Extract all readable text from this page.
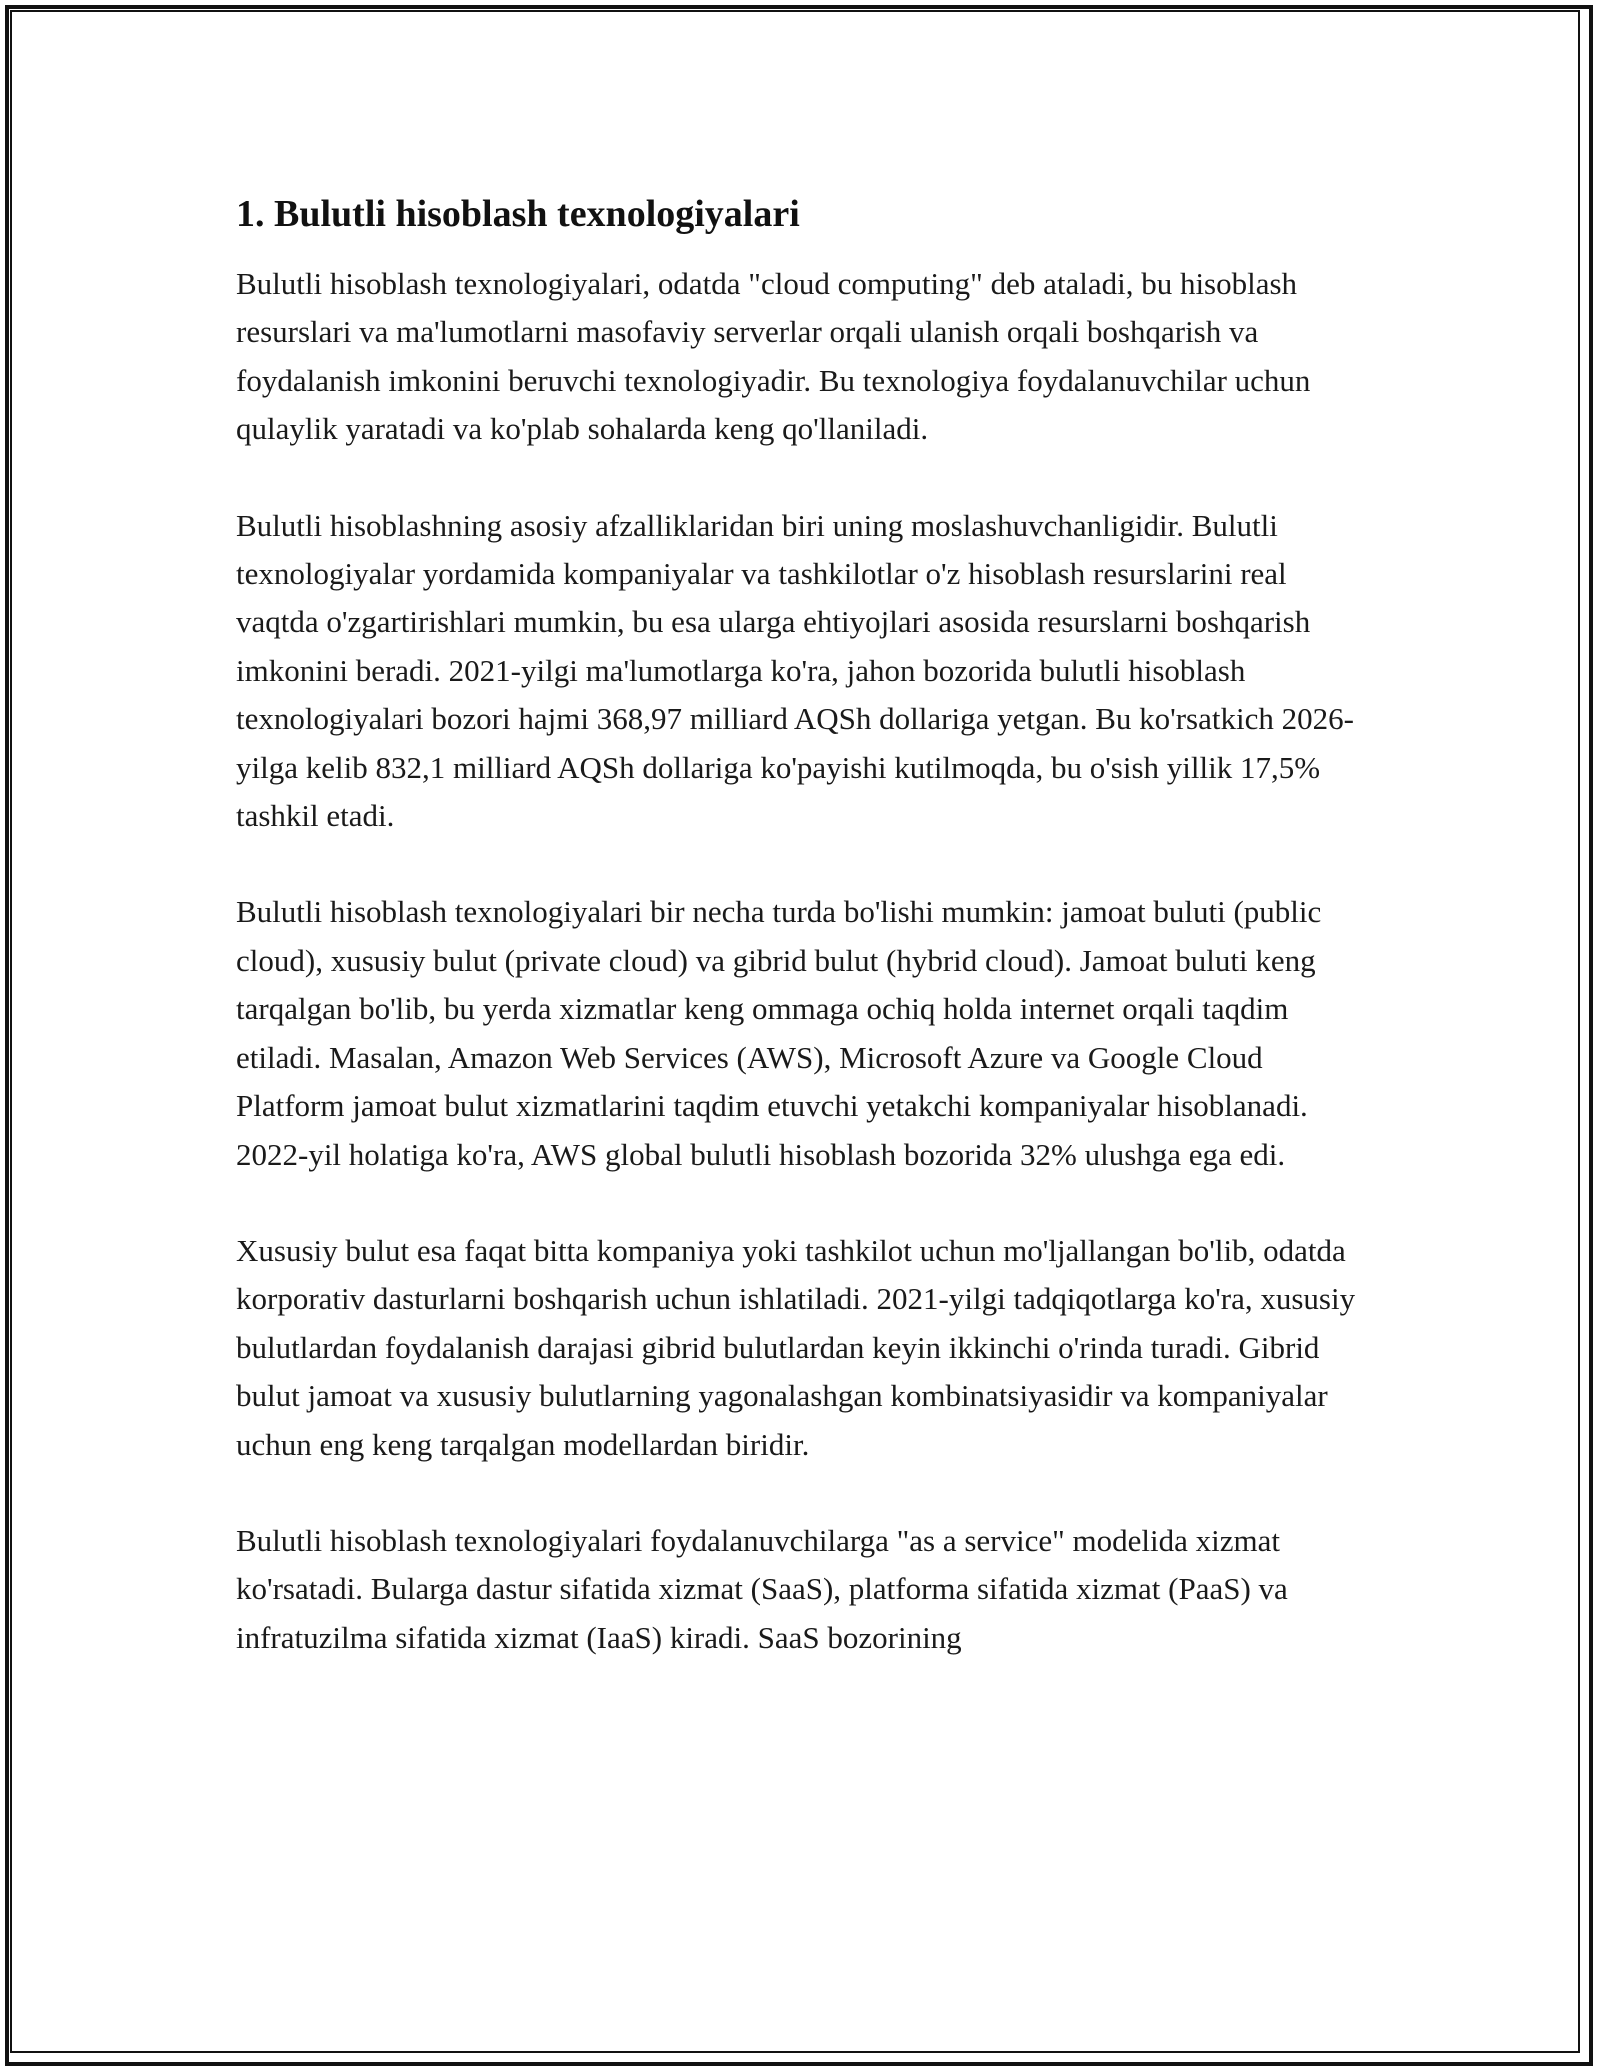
1. Bulutli hisoblash texnologiyalari

Bulutli hisoblash texnologiyalari, odatda "cloud computing" deb ataladi, bu hisoblash resurslari va ma'lumotlarni masofaviy serverlar orqali ulanish orqali boshqarish va foydalanish imkonini beruvchi texnologiyadir. Bu texnologiya foydalanuvchilar uchun qulaylik yaratadi va ko'plab sohalarda keng qo'llaniladi.

Bulutli hisoblashning asosiy afzalliklaridan biri uning moslashuvchanligidir. Bulutli texnologiyalar yordamida kompaniyalar va tashkilotlar o'z hisoblash resurslarini real vaqtda o'zgartirishlari mumkin, bu esa ularga ehtiyojlari asosida resurslarni boshqarish imkonini beradi. 2021-yilgi ma'lumotlarga ko'ra, jahon bozorida bulutli hisoblash texnologiyalari bozori hajmi 368,97 milliard AQSh dollariga yetgan. Bu ko'rsatkich 2026-yilga kelib 832,1 milliard AQSh dollariga ko'payishi kutilmoqda, bu o'sish yillik 17,5% tashkil etadi.

Bulutli hisoblash texnologiyalari bir necha turda bo'lishi mumkin: jamoat buluti (public cloud), xususiy bulut (private cloud) va gibrid bulut (hybrid cloud). Jamoat buluti keng tarqalgan bo'lib, bu yerda xizmatlar keng ommaga ochiq holda internet orqali taqdim etiladi. Masalan, Amazon Web Services (AWS), Microsoft Azure va Google Cloud Platform jamoat bulut xizmatlarini taqdim etuvchi yetakchi kompaniyalar hisoblanadi. 2022-yil holatiga ko'ra, AWS global bulutli hisoblash bozorida 32% ulushga ega edi.

Xususiy bulut esa faqat bitta kompaniya yoki tashkilot uchun mo'ljallangan bo'lib, odatda korporativ dasturlarni boshqarish uchun ishlatiladi. 2021-yilgi tadqiqotlarga ko'ra, xususiy bulutlardan foydalanish darajasi gibrid bulutlardan keyin ikkinchi o'rinda turadi. Gibrid bulut jamoat va xususiy bulutlarning yagonalashgan kombinatsiyasidir va kompaniyalar uchun eng keng tarqalgan modellardan biridir.

Bulutli hisoblash texnologiyalari foydalanuvchilarga "as a service" modelida xizmat ko'rsatadi. Bularga dastur sifatida xizmat (SaaS), platforma sifatida xizmat (PaaS) va infratuzilma sifatida xizmat (IaaS) kiradi. SaaS bozorining
